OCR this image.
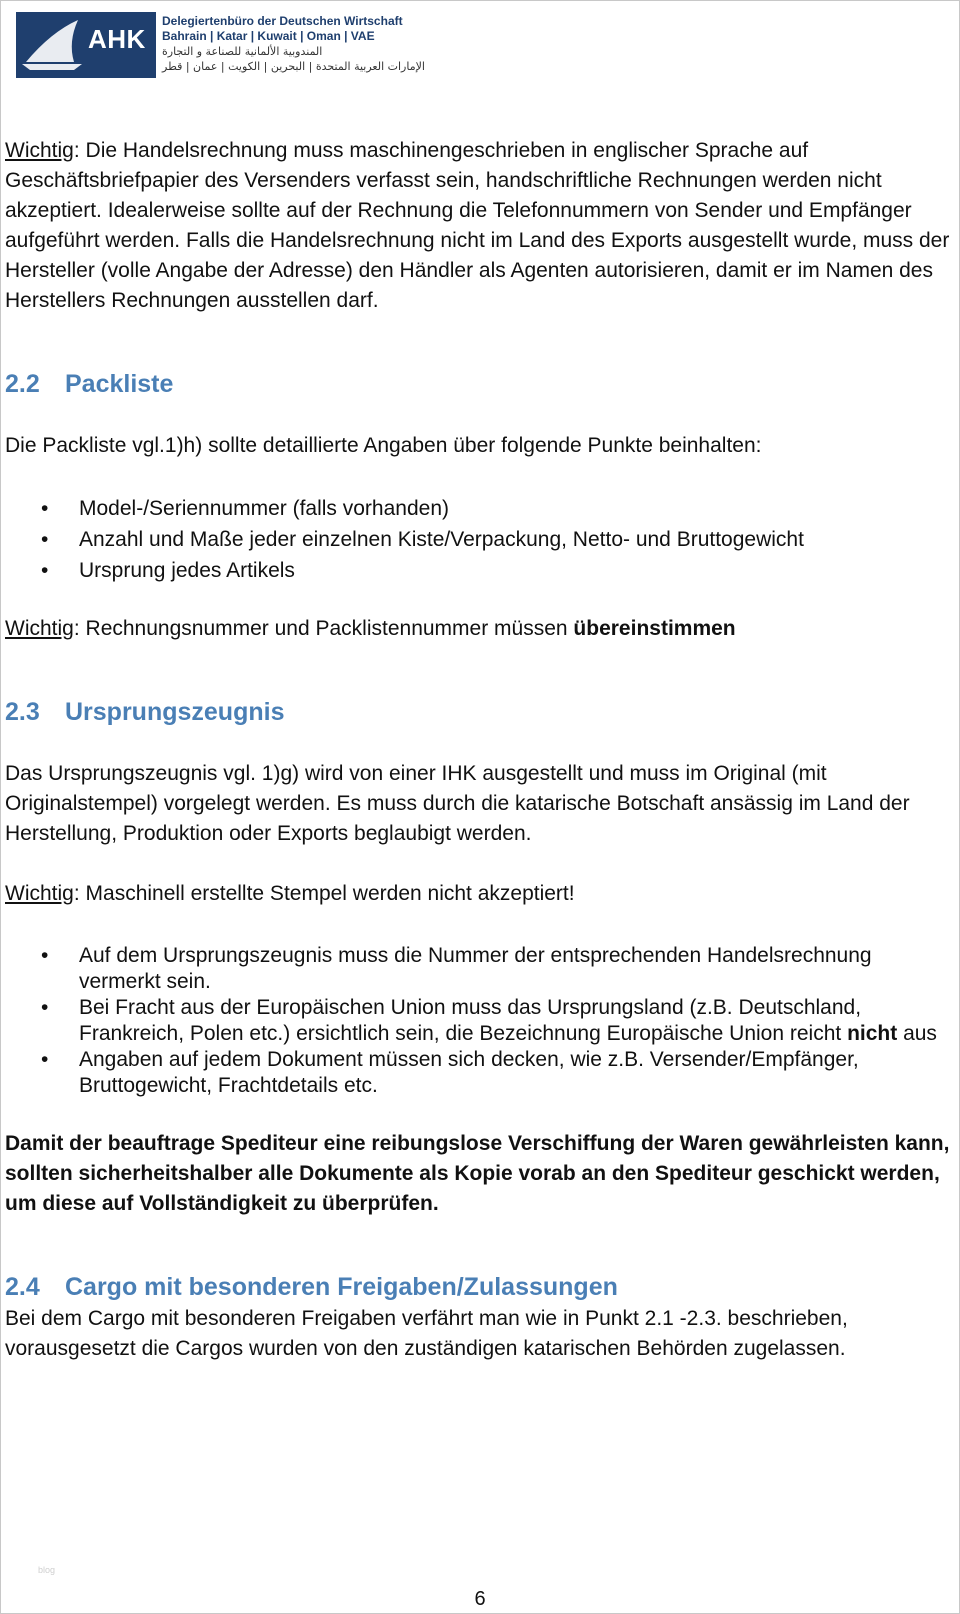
AHK
Delegiertenbüro der Deutschen Wirtschaft
Bahrain | Katar | Kuwait | Oman | VAE
المندوبية الألمانية للصناعة و التجارة
الإمارات العربية المتحدة | البحرين | الكويت | عمان | قطر

Wichtig: Die Handelsrechnung muss maschinengeschrieben in englischer Sprache auf Geschäftsbriefpapier des Versenders verfasst sein, handschriftliche Rechnungen werden nicht akzeptiert. Idealerweise sollte auf der Rechnung die Telefonnummern von Sender und Empfänger aufgeführt werden. Falls die Handelsrechnung nicht im Land des Exports ausgestellt wurde, muss der Hersteller (volle Angabe der Adresse) den Händler als Agenten autorisieren, damit er im Namen des Herstellers Rechnungen ausstellen darf.

2.2 Packliste

Die Packliste vgl.1)h) sollte detaillierte Angaben über folgende Punkte beinhalten:

• Model-/Seriennummer (falls vorhanden)
• Anzahl und Maße jeder einzelnen Kiste/Verpackung, Netto- und Bruttogewicht
• Ursprung jedes Artikels

Wichtig: Rechnungsnummer und Packlistennummer müssen übereinstimmen

2.3 Ursprungszeugnis

Das Ursprungszeugnis vgl. 1)g) wird von einer IHK ausgestellt und muss im Original (mit Originalstempel) vorgelegt werden. Es muss durch die katarische Botschaft ansässig im Land der Herstellung, Produktion oder Exports beglaubigt werden.

Wichtig: Maschinell erstellte Stempel werden nicht akzeptiert!

• Auf dem Ursprungszeugnis muss die Nummer der entsprechenden Handelsrechnung vermerkt sein.
• Bei Fracht aus der Europäischen Union muss das Ursprungsland (z.B. Deutschland, Frankreich, Polen etc.) ersichtlich sein, die Bezeichnung Europäische Union reicht nicht aus
• Angaben auf jedem Dokument müssen sich decken, wie z.B. Versender/Empfänger, Bruttogewicht, Frachtdetails etc.

Damit der beauftrage Spediteur eine reibungslose Verschiffung der Waren gewährleisten kann, sollten sicherheitshalber alle Dokumente als Kopie vorab an den Spediteur geschickt werden, um diese auf Vollständigkeit zu überprüfen.

2.4 Cargo mit besonderen Freigaben/Zulassungen

Bei dem Cargo mit besonderen Freigaben verfährt man wie in Punkt 2.1 -2.3. beschrieben, vorausgesetzt die Cargos wurden von den zuständigen katarischen Behörden zugelassen.

blog
6
